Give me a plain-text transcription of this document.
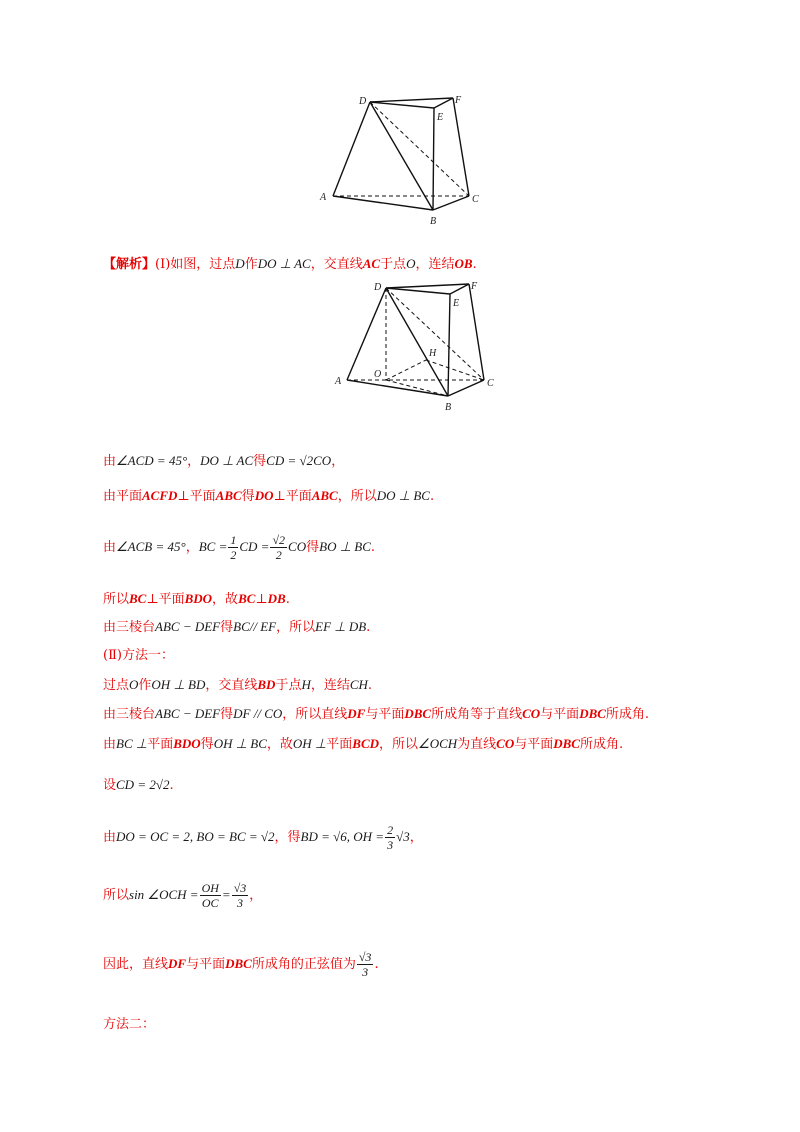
D	F
E
A
B
C
【解析】(Ⅰ)如图，过点D作DO ⊥ AC，交直线AC于点O，连结OB.
D	F
E
A
B
C
O
H
由∠ACD = 45°，DO ⊥ AC得CD = √2CO，
由平面ACFD⊥平面ABC得DO⊥平面ABC，所以DO ⊥ BC.
由∠ACB = 45°，BC = $\frac{1}{2}$ CD = $\frac{√2}{2}$ CO得BO ⊥ BC.
所以BC⊥平面BDO，故BC⊥DB.
由三棱台ABC − DEF得BC// EF，所以EF ⊥ DB.
(Ⅱ)方法一：
过点O作OH ⊥ BD，交直线BD于点H，连结CH.
由三棱台ABC − DEF得DF // CO，所以直线DF与平面DBC所成角等于直线CO与平面DBC所成角.
由BC ⊥平面BDO得OH ⊥ BC，故OH ⊥平面BCD，所以∠OCH为直线CO与平面DBC所成角.
设CD = 2√2.
由DO = OC = 2, BO = BC = √2，得BD = √6, OH = $\frac{2}{3} √3$，
所以sin ∠OCH = $\frac{OH}{OC} = \frac{√3}{3}$ ，
因此，直线DF与平面DBC所成角的正弦值为 $\frac{√3}{3}$ .
方法二：
